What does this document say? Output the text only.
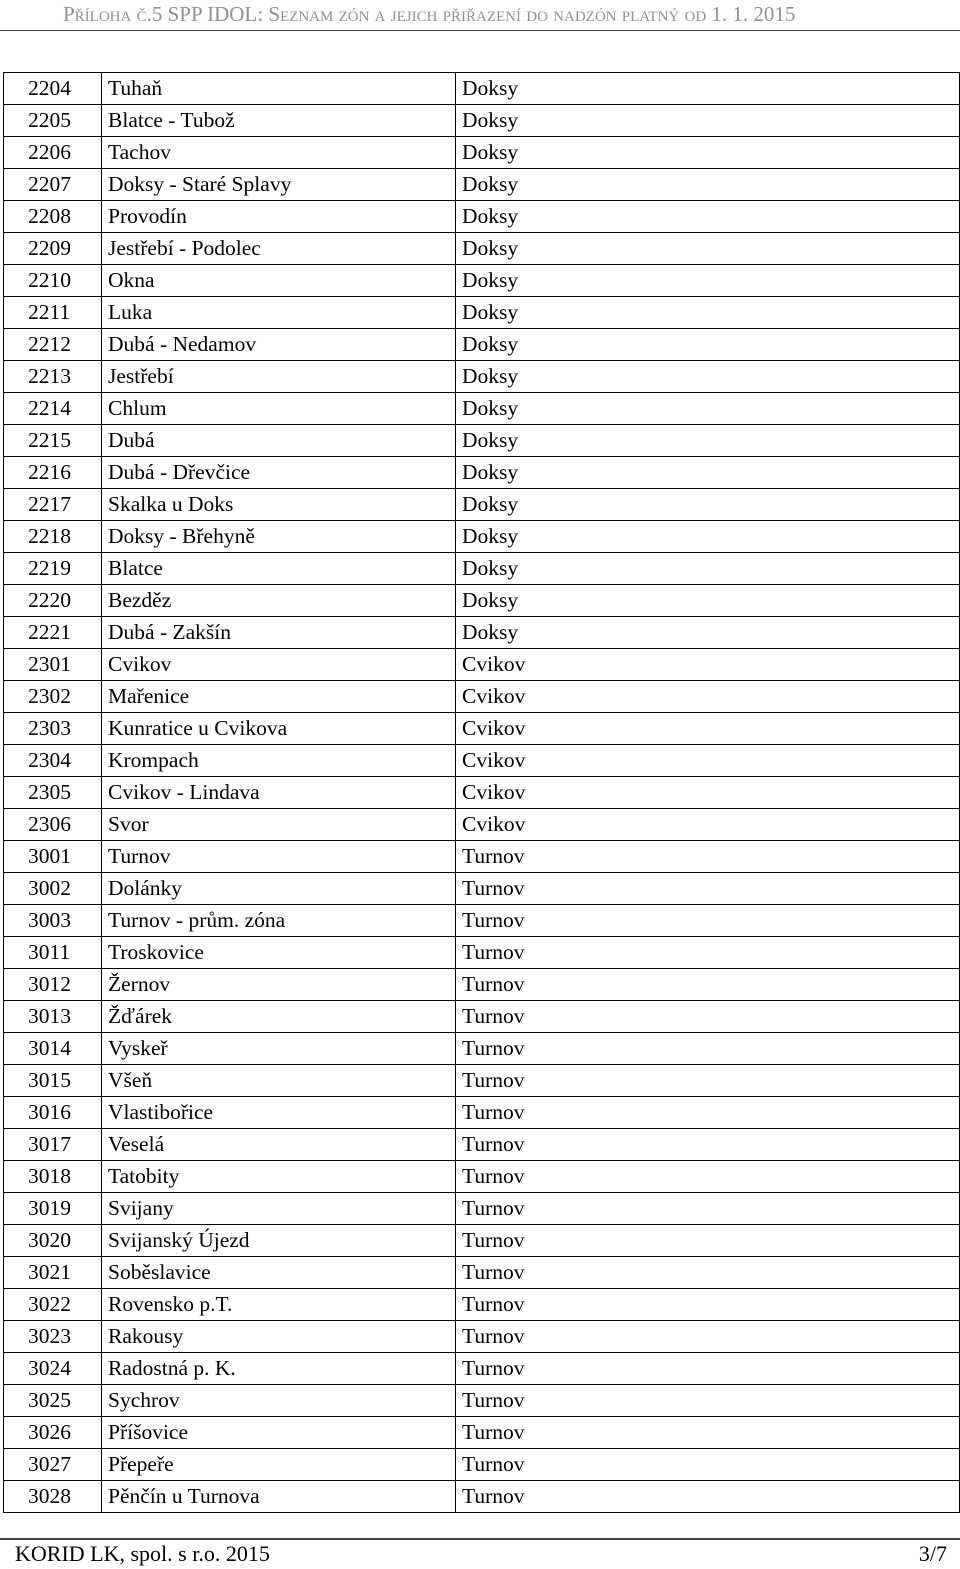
Příloha č.5 SPP IDOL: Seznam zón a jejich přiřazení do nadzón platný od 1. 1. 2015
2204	Tuhaň	Doksy
2205	Blatce - Tubož	Doksy
2206	Tachov	Doksy
2207	Doksy - Staré Splavy	Doksy
2208	Provodín	Doksy
2209	Jestřebí - Podolec	Doksy
2210	Okna	Doksy
2211	Luka	Doksy
2212	Dubá - Nedamov	Doksy
2213	Jestřebí	Doksy
2214	Chlum	Doksy
2215	Dubá	Doksy
2216	Dubá - Dřevčice	Doksy
2217	Skalka u Doks	Doksy
2218	Doksy - Břehyně	Doksy
2219	Blatce	Doksy
2220	Bezděz	Doksy
2221	Dubá - Zakšín	Doksy
2301	Cvikov	Cvikov
2302	Mařenice	Cvikov
2303	Kunratice u Cvikova	Cvikov
2304	Krompach	Cvikov
2305	Cvikov - Lindava	Cvikov
2306	Svor	Cvikov
3001	Turnov	Turnov
3002	Dolánky	Turnov
3003	Turnov - prům. zóna	Turnov
3011	Troskovice	Turnov
3012	Žernov	Turnov
3013	Žďárek	Turnov
3014	Vyskeř	Turnov
3015	Všeň	Turnov
3016	Vlastibořice	Turnov
3017	Veselá	Turnov
3018	Tatobity	Turnov
3019	Svijany	Turnov
3020	Svijanský Újezd	Turnov
3021	Soběslavice	Turnov
3022	Rovensko p.T.	Turnov
3023	Rakousy	Turnov
3024	Radostná p. K.	Turnov
3025	Sychrov	Turnov
3026	Příšovice	Turnov
3027	Přepeře	Turnov
3028	Pěnčín u Turnova	Turnov
KORID LK, spol. s r.o. 2015	3/7
